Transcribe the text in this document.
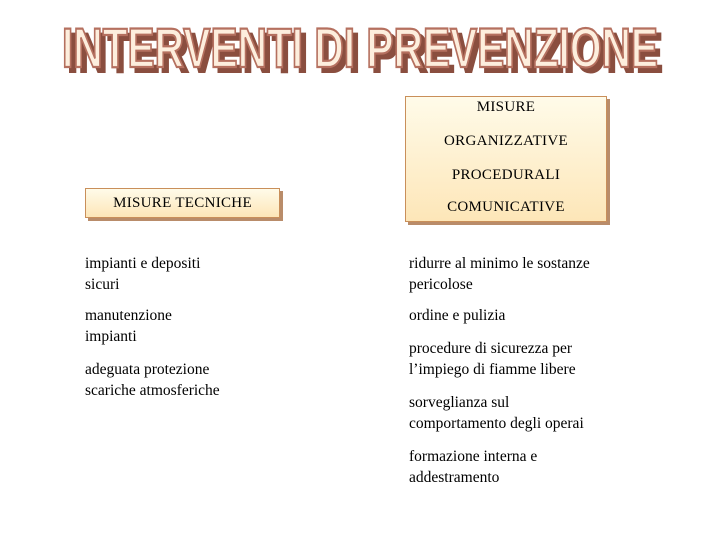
INTERVENTI DI PREVENZIONE
INTERVENTI DI PREVENZIONE
MISURE TECNICHE
MISURE
ORGANIZZATIVE
PROCEDURALI
COMUNICATIVE
impianti e depositi
sicuri
manutenzione
impianti
adeguata protezione
scariche atmosferiche
ridurre al minimo le sostanze
pericolose
ordine e pulizia
procedure di sicurezza per
l’impiego di fiamme libere
sorveglianza sul
comportamento degli operai
formazione interna e
addestramento
